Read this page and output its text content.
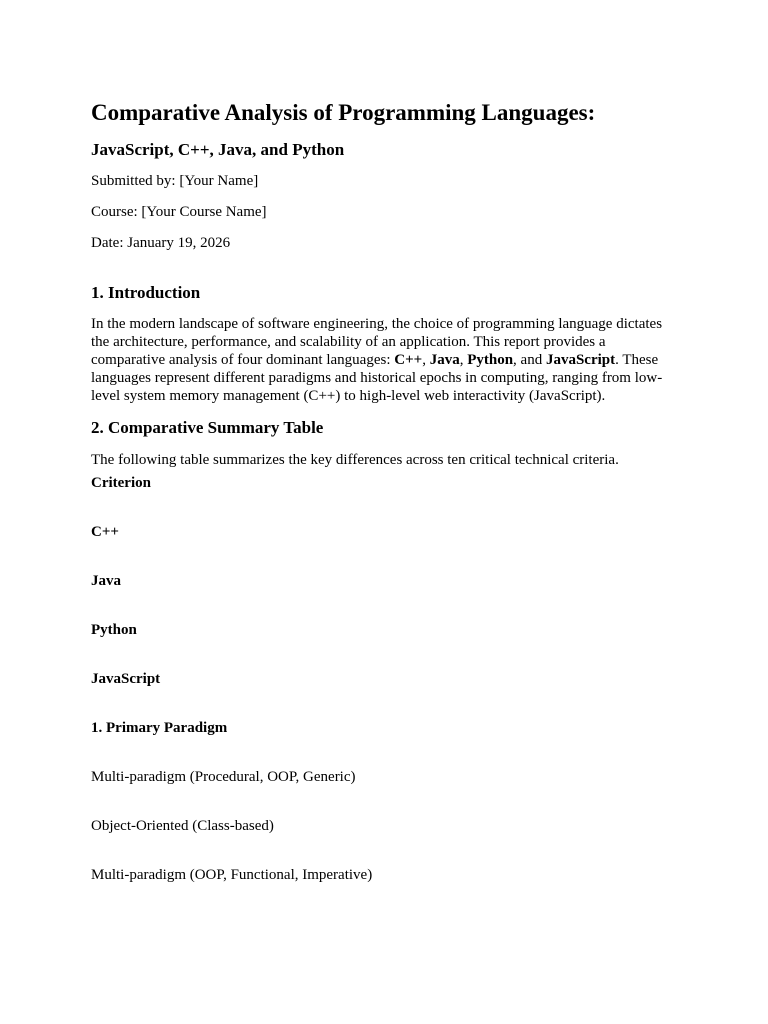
Comparative Analysis of Programming Languages:
JavaScript, C++, Java, and Python

Submitted by: [Your Name]

Course: [Your Course Name]

Date: January 19, 2026

1. Introduction

In the modern landscape of software engineering, the choice of programming language dictates the architecture, performance, and scalability of an application. This report provides a comparative analysis of four dominant languages: C++, Java, Python, and JavaScript. These languages represent different paradigms and historical epochs in computing, ranging from low-level system memory management (C++) to high-level web interactivity (JavaScript).

2. Comparative Summary Table

The following table summarizes the key differences across ten critical technical criteria.

Criterion

C++

Java

Python

JavaScript

1. Primary Paradigm

Multi-paradigm (Procedural, OOP, Generic)

Object-Oriented (Class-based)

Multi-paradigm (OOP, Functional, Imperative)
